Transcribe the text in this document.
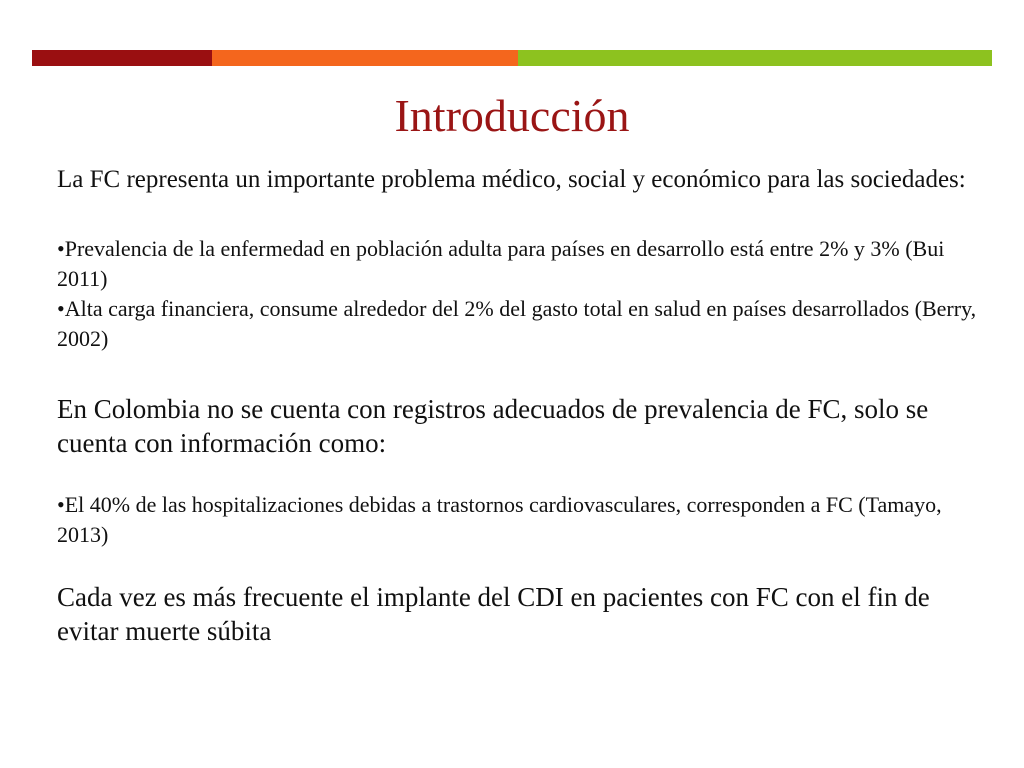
Introducción

La FC representa un importante problema médico, social y económico para las sociedades:

•Prevalencia de la enfermedad en población adulta para países en desarrollo está entre 2% y 3% (Bui 2011)

•Alta carga financiera, consume alrededor del 2% del gasto total en salud en países desarrollados (Berry, 2002)

En Colombia no se cuenta con registros adecuados de prevalencia de FC, solo se cuenta con información como:

•El 40% de las hospitalizaciones debidas a trastornos cardiovasculares, corresponden a FC (Tamayo, 2013)

Cada vez es más frecuente el implante del CDI en pacientes con FC con el fin de evitar muerte súbita
